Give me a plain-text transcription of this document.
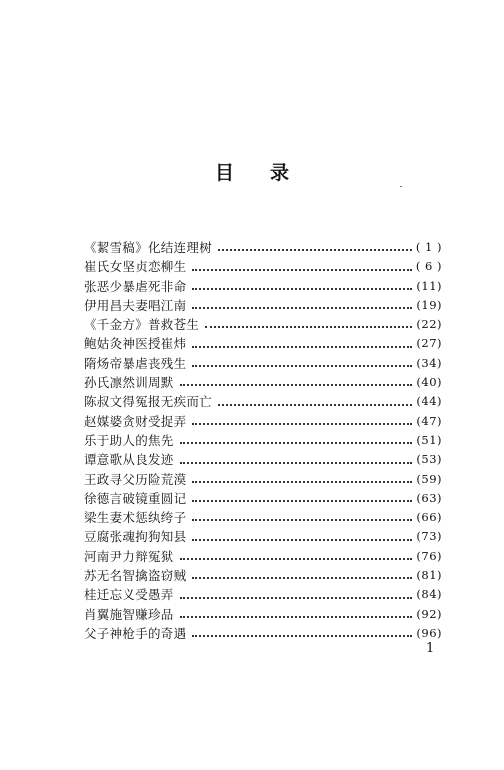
目 录
《絜雪稿》化结连理树	( 1 )
崔氏女坚贞恋柳生	( 6 )
张恶少暴虐死非命	(11)
伊用昌夫妻唱江南	(19)
《千金方》普救苍生	(22)
鲍姑灸神医授崔炜	(27)
隋炀帝暴虐丧残生	(34)
孙氏凛然训周默	(40)
陈叔文得冤报无疾而亡	(44)
赵媒婆贪财受捉弄	(47)
乐于助人的焦先	(51)
谭意歌从良发迹	(53)
王政寻父历险荒漠	(59)
徐德言破镜重圆记	(63)
梁生妻术惩纨绔子	(66)
豆腐张魂拘狗知县	(73)
河南尹力辩冤狱	(76)
苏无名智擒盗窃贼	(81)
桂迁忘义受愚弄	(84)
肖翼施智赚珍品	(92)
父子神枪手的奇遇	(96)
1
